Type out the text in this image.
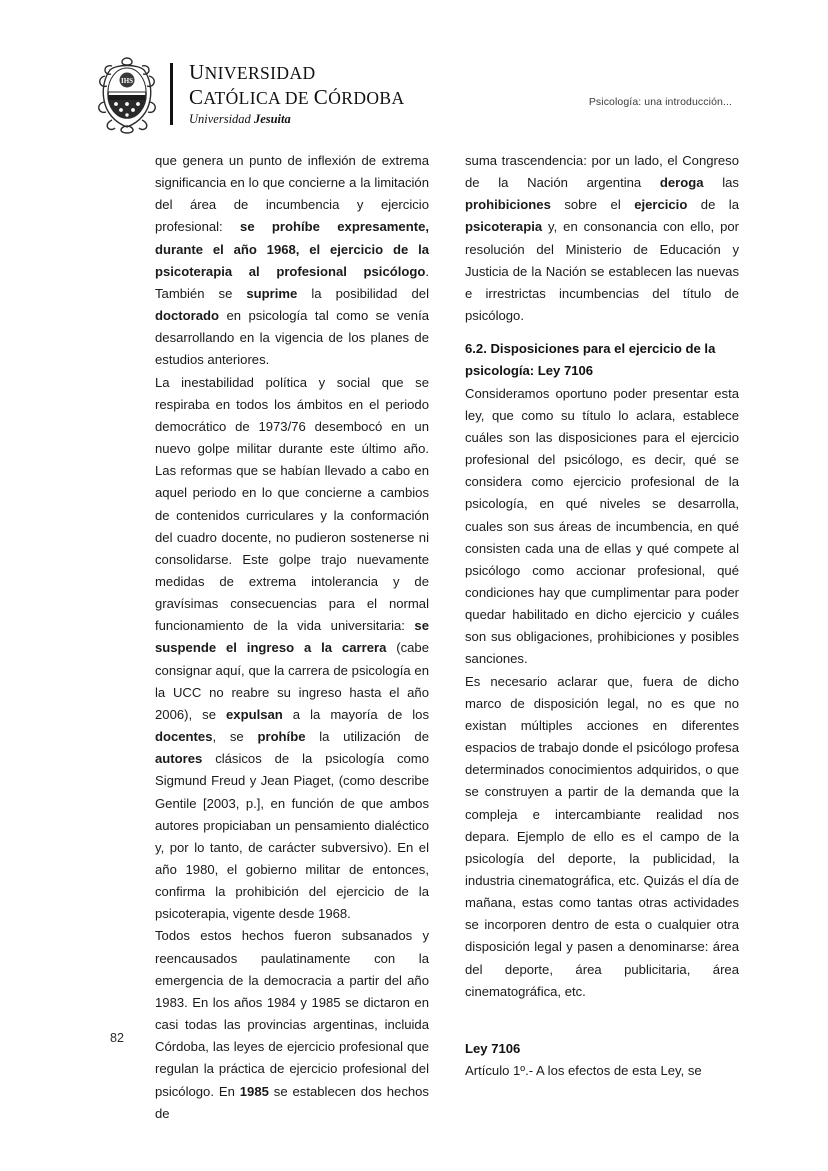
IHS	UNIVERSIDAD
CATÓLICA DE CÓRDOBA
Universidad Jesuita
Psicología: una introducción...

que genera un punto de inflexión de extrema significancia en lo que concierne a la limitación del área de incumbencia y ejercicio profesional: se prohíbe expresamente, durante el año 1968, el ejercicio de la psicoterapia al profesional psicólogo. También se suprime la posibilidad del doctorado en psicología tal como se venía desarrollando en la vigencia de los planes de estudios anteriores.

La inestabilidad política y social que se respiraba en todos los ámbitos en el periodo democrático de 1973/76 desembocó en un nuevo golpe militar durante este último año. Las reformas que se habían llevado a cabo en aquel periodo en lo que concierne a cambios de contenidos curriculares y la conformación del cuadro docente, no pudieron sostenerse ni consolidarse. Este golpe trajo nuevamente medidas de extrema intolerancia y de gravísimas consecuencias para el normal funcionamiento de la vida universitaria: se suspende el ingreso a la carrera (cabe consignar aquí, que la carrera de psicología en la UCC no reabre su ingreso hasta el año 2006), se expulsan a la mayoría de los docentes, se prohíbe la utilización de autores clásicos de la psicología como Sigmund Freud y Jean Piaget, (como describe Gentile [2003, p.], en función de que ambos autores propiciaban un pensamiento dialéctico y, por lo tanto, de carácter subversivo). En el año 1980, el gobierno militar de entonces, confirma la prohibición del ejercicio de la psicoterapia, vigente desde 1968.

Todos estos hechos fueron subsanados y reencausados paulatinamente con la emergencia de la democracia a partir del año 1983. En los años 1984 y 1985 se dictaron en casi todas las provincias argentinas, incluida Córdoba, las leyes de ejercicio profesional que regulan la práctica de ejercicio profesional del psicólogo. En 1985 se establecen dos hechos de

suma trascendencia: por un lado, el Congreso de la Nación argentina deroga las prohibiciones sobre el ejercicio de la psicoterapia y, en consonancia con ello, por resolución del Ministerio de Educación y Justicia de la Nación se establecen las nuevas e irrestrictas incumbencias del título de psicólogo.

6.2. Disposiciones para el ejercicio de la psicología: Ley 7106

Consideramos oportuno poder presentar esta ley, que como su título lo aclara, establece cuáles son las disposiciones para el ejercicio profesional del psicólogo, es decir, qué se considera como ejercicio profesional de la psicología, en qué niveles se desarrolla, cuales son sus áreas de incumbencia, en qué consisten cada una de ellas y qué compete al psicólogo como accionar profesional, qué condiciones hay que cumplimentar para poder quedar habilitado en dicho ejercicio y cuáles son sus obligaciones, prohibiciones y posibles sanciones.

Es necesario aclarar que, fuera de dicho marco de disposición legal, no es que no existan múltiples acciones en diferentes espacios de trabajo donde el psicólogo profesa determinados conocimientos adquiridos, o que se construyen a partir de la demanda que la compleja e intercambiante realidad nos depara. Ejemplo de ello es el campo de la psicología del deporte, la publicidad, la industria cinematográfica, etc. Quizás el día de mañana, estas como tantas otras actividades se incorporen dentro de esta o cualquier otra disposición legal y pasen a denominarse: área del deporte, área publicitaria, área cinematográfica, etc.

Ley 7106

Artículo 1º.- A los efectos de esta Ley, se

82
